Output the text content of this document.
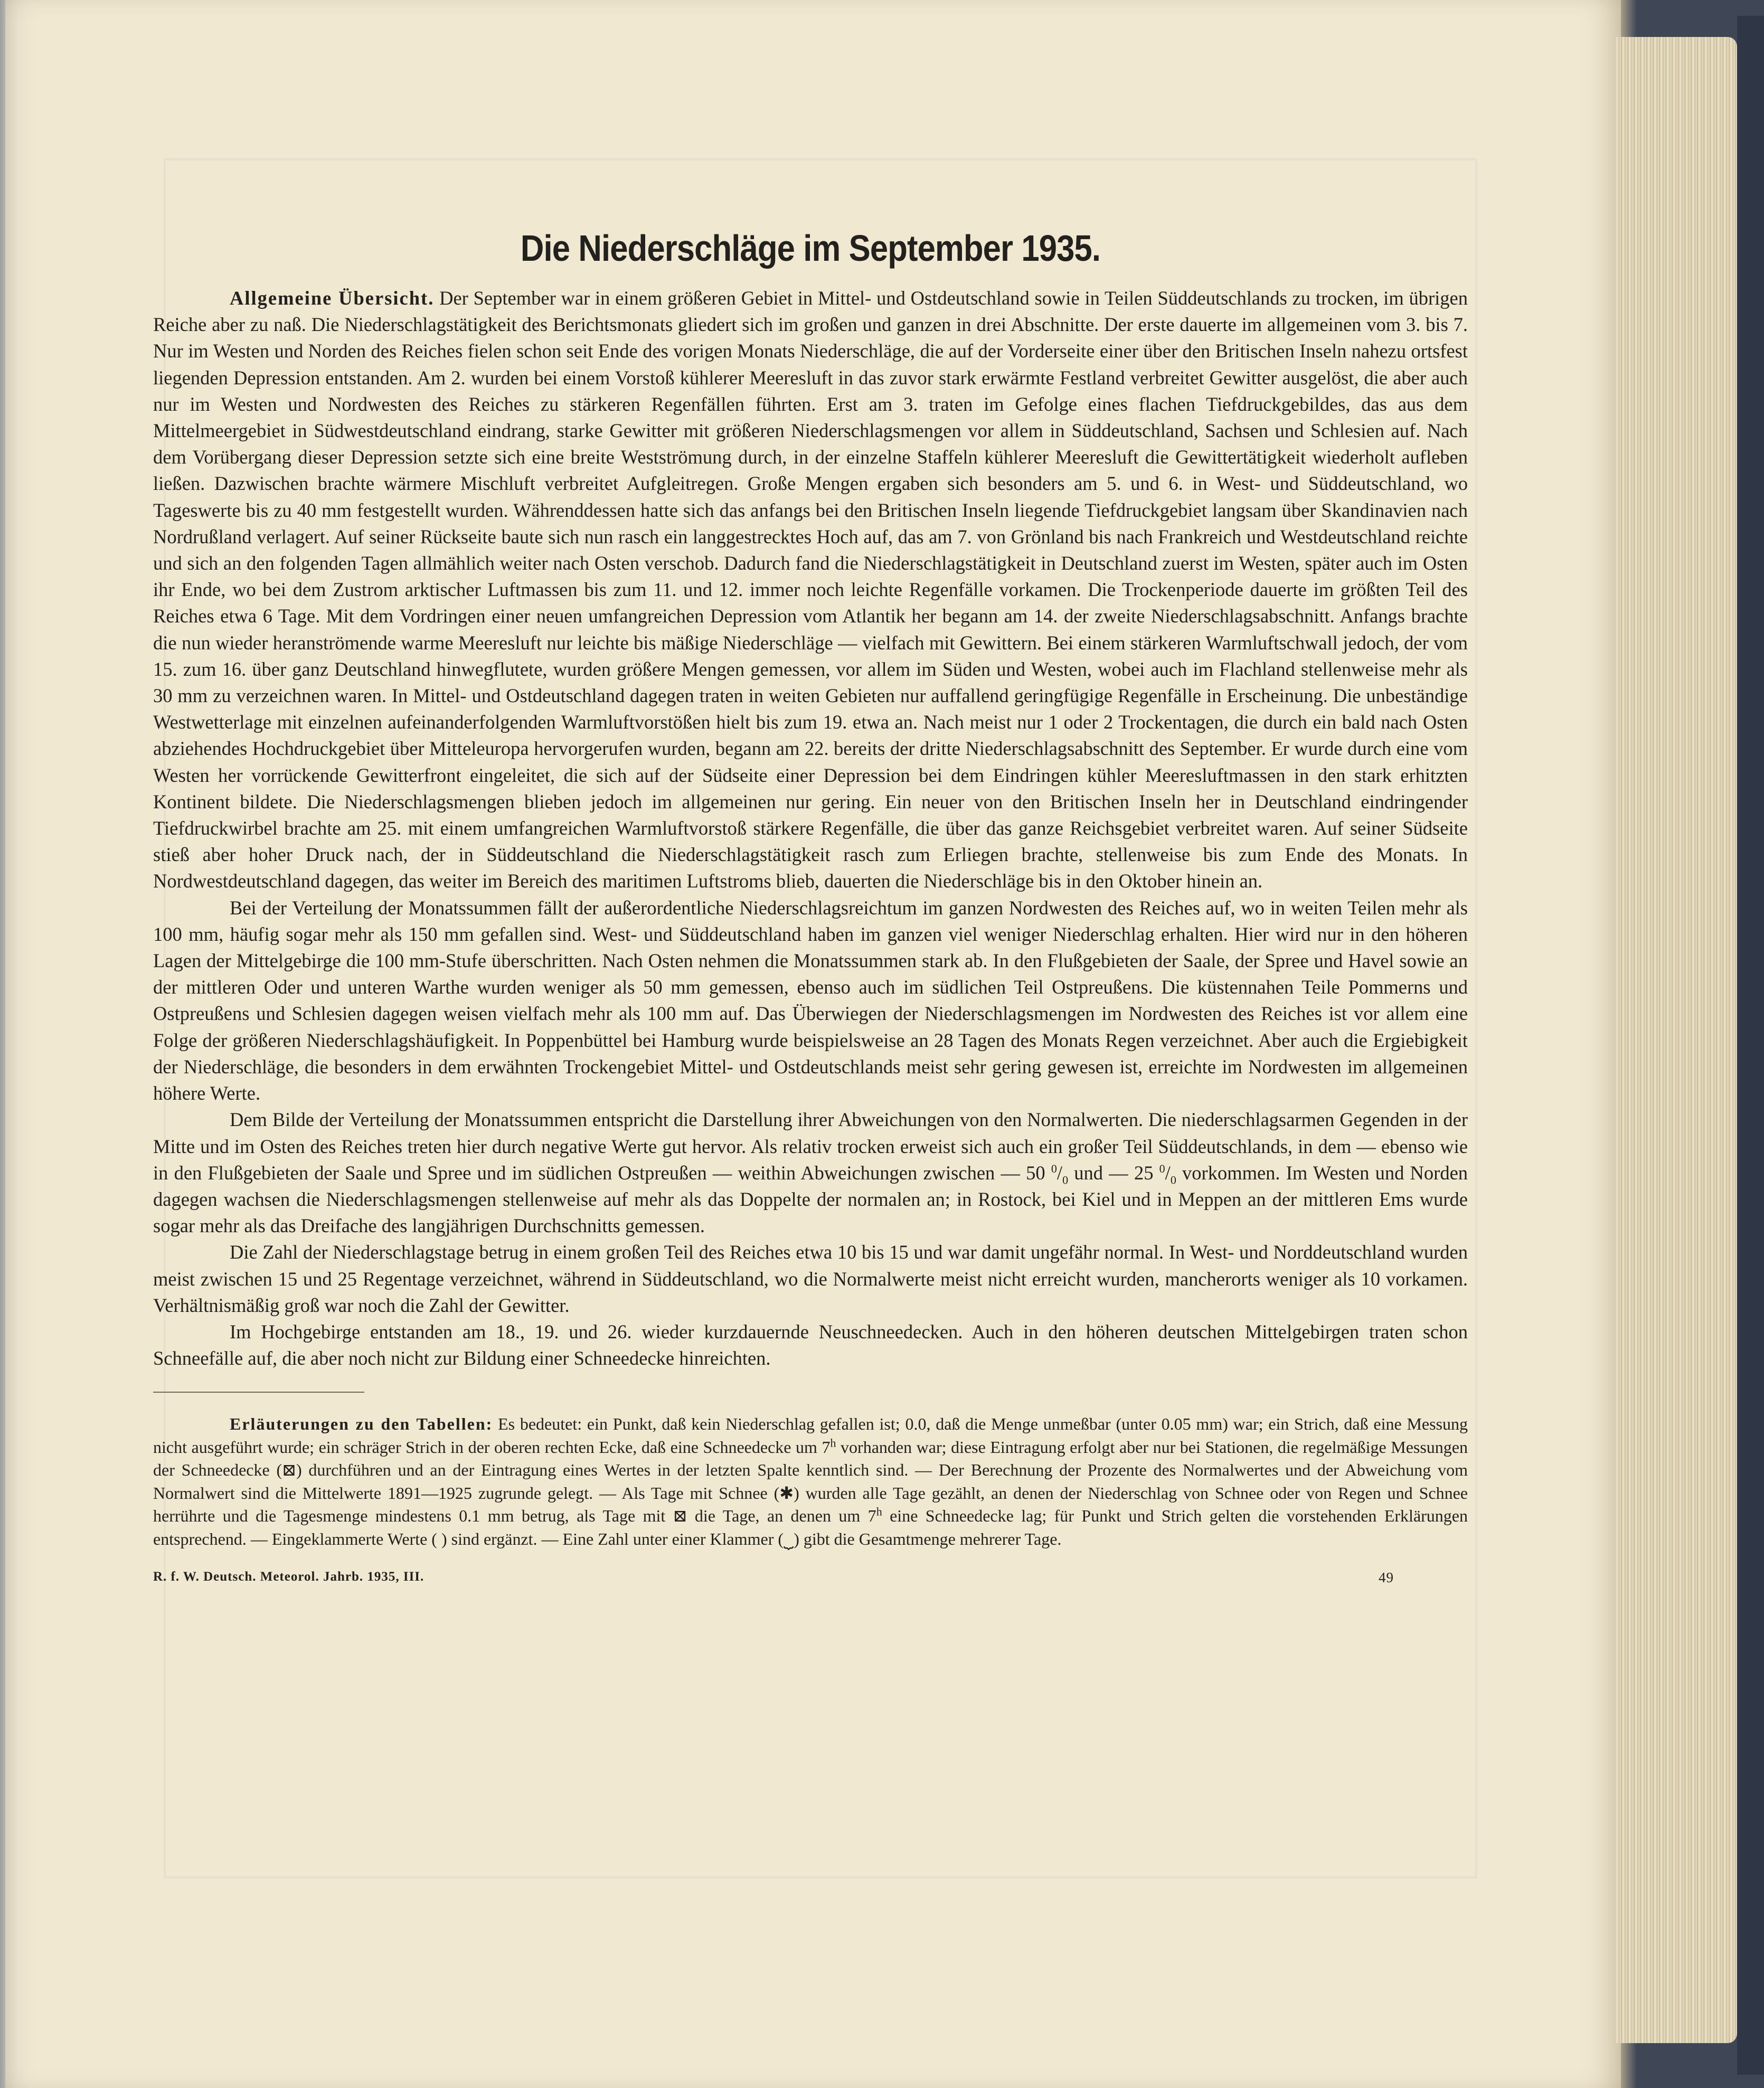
Die Niederschläge im September 1935.

Allgemeine Übersicht. Der September war in einem größeren Gebiet in Mittel- und Ostdeutschland sowie in Teilen Süddeutschlands zu trocken, im übrigen Reiche aber zu naß. Die Niederschlagstätigkeit des Berichtsmonats gliedert sich im großen und ganzen in drei Abschnitte. Der erste dauerte im allgemeinen vom 3. bis 7. Nur im Westen und Norden des Reiches fielen schon seit Ende des vorigen Monats Niederschläge, die auf der Vorderseite einer über den Britischen Inseln nahezu ortsfest liegenden Depression entstanden. Am 2. wurden bei einem Vorstoß kühlerer Meeresluft in das zuvor stark erwärmte Festland verbreitet Gewitter ausgelöst, die aber auch nur im Westen und Nordwesten des Reiches zu stärkeren Regenfällen führten. Erst am 3. traten im Gefolge eines flachen Tiefdruckgebildes, das aus dem Mittelmeergebiet in Südwestdeutschland eindrang, starke Gewitter mit größeren Niederschlagsmengen vor allem in Süddeutschland, Sachsen und Schlesien auf. Nach dem Vorübergang dieser Depression setzte sich eine breite Westströmung durch, in der einzelne Staffeln kühlerer Meeresluft die Gewittertätigkeit wiederholt aufleben ließen. Dazwischen brachte wärmere Mischluft verbreitet Aufgleitregen. Große Mengen ergaben sich besonders am 5. und 6. in West- und Süddeutschland, wo Tageswerte bis zu 40 mm festgestellt wurden. Währenddessen hatte sich das anfangs bei den Britischen Inseln liegende Tiefdruckgebiet langsam über Skandinavien nach Nordrußland verlagert. Auf seiner Rückseite baute sich nun rasch ein langgestrecktes Hoch auf, das am 7. von Grönland bis nach Frankreich und Westdeutschland reichte und sich an den folgenden Tagen allmählich weiter nach Osten verschob. Dadurch fand die Niederschlagstätigkeit in Deutschland zuerst im Westen, später auch im Osten ihr Ende, wo bei dem Zustrom arktischer Luftmassen bis zum 11. und 12. immer noch leichte Regenfälle vorkamen. Die Trockenperiode dauerte im größten Teil des Reiches etwa 6 Tage. Mit dem Vordringen einer neuen umfangreichen Depression vom Atlantik her begann am 14. der zweite Niederschlagsabschnitt. Anfangs brachte die nun wieder heranströmende warme Meeresluft nur leichte bis mäßige Niederschläge — vielfach mit Gewittern. Bei einem stärkeren Warmluftschwall jedoch, der vom 15. zum 16. über ganz Deutschland hinwegflutete, wurden größere Mengen gemessen, vor allem im Süden und Westen, wobei auch im Flachland stellenweise mehr als 30 mm zu verzeichnen waren. In Mittel- und Ostdeutschland dagegen traten in weiten Gebieten nur auffallend geringfügige Regenfälle in Erscheinung. Die unbeständige Westwetterlage mit einzelnen aufeinanderfolgenden Warmluftvorstößen hielt bis zum 19. etwa an. Nach meist nur 1 oder 2 Trockentagen, die durch ein bald nach Osten abziehendes Hochdruckgebiet über Mitteleuropa hervorgerufen wurden, begann am 22. bereits der dritte Niederschlagsabschnitt des September. Er wurde durch eine vom Westen her vorrückende Gewitterfront eingeleitet, die sich auf der Südseite einer Depression bei dem Eindringen kühler Meeresluftmassen in den stark erhitzten Kontinent bildete. Die Niederschlagsmengen blieben jedoch im allgemeinen nur gering. Ein neuer von den Britischen Inseln her in Deutschland eindringender Tiefdruckwirbel brachte am 25. mit einem umfangreichen Warmluftvorstoß stärkere Regenfälle, die über das ganze Reichsgebiet verbreitet waren. Auf seiner Südseite stieß aber hoher Druck nach, der in Süddeutschland die Niederschlagstätigkeit rasch zum Erliegen brachte, stellenweise bis zum Ende des Monats. In Nordwestdeutschland dagegen, das weiter im Bereich des maritimen Luftstroms blieb, dauerten die Niederschläge bis in den Oktober hinein an.

Bei der Verteilung der Monatssummen fällt der außerordentliche Niederschlagsreichtum im ganzen Nordwesten des Reiches auf, wo in weiten Teilen mehr als 100 mm, häufig sogar mehr als 150 mm gefallen sind. West- und Süddeutschland haben im ganzen viel weniger Niederschlag erhalten. Hier wird nur in den höheren Lagen der Mittelgebirge die 100 mm-Stufe überschritten. Nach Osten nehmen die Monatssummen stark ab. In den Flußgebieten der Saale, der Spree und Havel sowie an der mittleren Oder und unteren Warthe wurden weniger als 50 mm gemessen, ebenso auch im südlichen Teil Ostpreußens. Die küstennahen Teile Pommerns und Ostpreußens und Schlesien dagegen weisen vielfach mehr als 100 mm auf. Das Überwiegen der Niederschlagsmengen im Nordwesten des Reiches ist vor allem eine Folge der größeren Niederschlagshäufigkeit. In Poppenbüttel bei Hamburg wurde beispielsweise an 28 Tagen des Monats Regen verzeichnet. Aber auch die Ergiebigkeit der Niederschläge, die besonders in dem erwähnten Trockengebiet Mittel- und Ostdeutschlands meist sehr gering gewesen ist, erreichte im Nordwesten im allgemeinen höhere Werte.

Dem Bilde der Verteilung der Monatssummen entspricht die Darstellung ihrer Abweichungen von den Normalwerten. Die niederschlagsarmen Gegenden in der Mitte und im Osten des Reiches treten hier durch negative Werte gut hervor. Als relativ trocken erweist sich auch ein großer Teil Süddeutschlands, in dem — ebenso wie in den Flußgebieten der Saale und Spree und im südlichen Ostpreußen — weithin Abweichungen zwischen — 50 $^0/_0$ und — 25 $^0/_0$ vorkommen. Im Westen und Norden dagegen wachsen die Niederschlagsmengen stellenweise auf mehr als das Doppelte der normalen an; in Rostock, bei Kiel und in Meppen an der mittleren Ems wurde sogar mehr als das Dreifache des langjährigen Durchschnitts gemessen.

Die Zahl der Niederschlagstage betrug in einem großen Teil des Reiches etwa 10 bis 15 und war damit ungefähr normal. In West- und Norddeutschland wurden meist zwischen 15 und 25 Regentage verzeichnet, während in Süddeutschland, wo die Normalwerte meist nicht erreicht wurden, mancherorts weniger als 10 vorkamen. Verhältnismäßig groß war noch die Zahl der Gewitter.

Im Hochgebirge entstanden am 18., 19. und 26. wieder kurzdauernde Neuschneedecken. Auch in den höheren deutschen Mittelgebirgen traten schon Schneefälle auf, die aber noch nicht zur Bildung einer Schneedecke hinreichten.

Erläuterungen zu den Tabellen: Es bedeutet: ein Punkt, daß kein Niederschlag gefallen ist; 0.0, daß die Menge unmeßbar (unter 0.05 mm) war; ein Strich, daß eine Messung nicht ausgeführt wurde; ein schräger Strich in der oberen rechten Ecke, daß eine Schneedecke um 7$^h$ vorhanden war; diese Eintragung erfolgt aber nur bei Stationen, die regelmäßige Messungen der Schneedecke (⊠) durchführen und an der Eintragung eines Wertes in der letzten Spalte kenntlich sind. — Der Berechnung der Prozente des Normalwertes und der Abweichung vom Normalwert sind die Mittelwerte 1891—1925 zugrunde gelegt. — Als Tage mit Schnee (✱) wurden alle Tage gezählt, an denen der Niederschlag von Schnee oder von Regen und Schnee herrührte und die Tagesmenge mindestens 0.1 mm betrug, als Tage mit ⊠ die Tage, an denen um 7$^h$ eine Schneedecke lag; für Punkt und Strich gelten die vorstehenden Erklärungen entsprechend. — Eingeklammerte Werte ( ) sind ergänzt. — Eine Zahl unter einer Klammer (⏟) gibt die Gesamtmenge mehrerer Tage.

R. f. W. Deutsch. Meteorol. Jahrb. 1935, III.	49
